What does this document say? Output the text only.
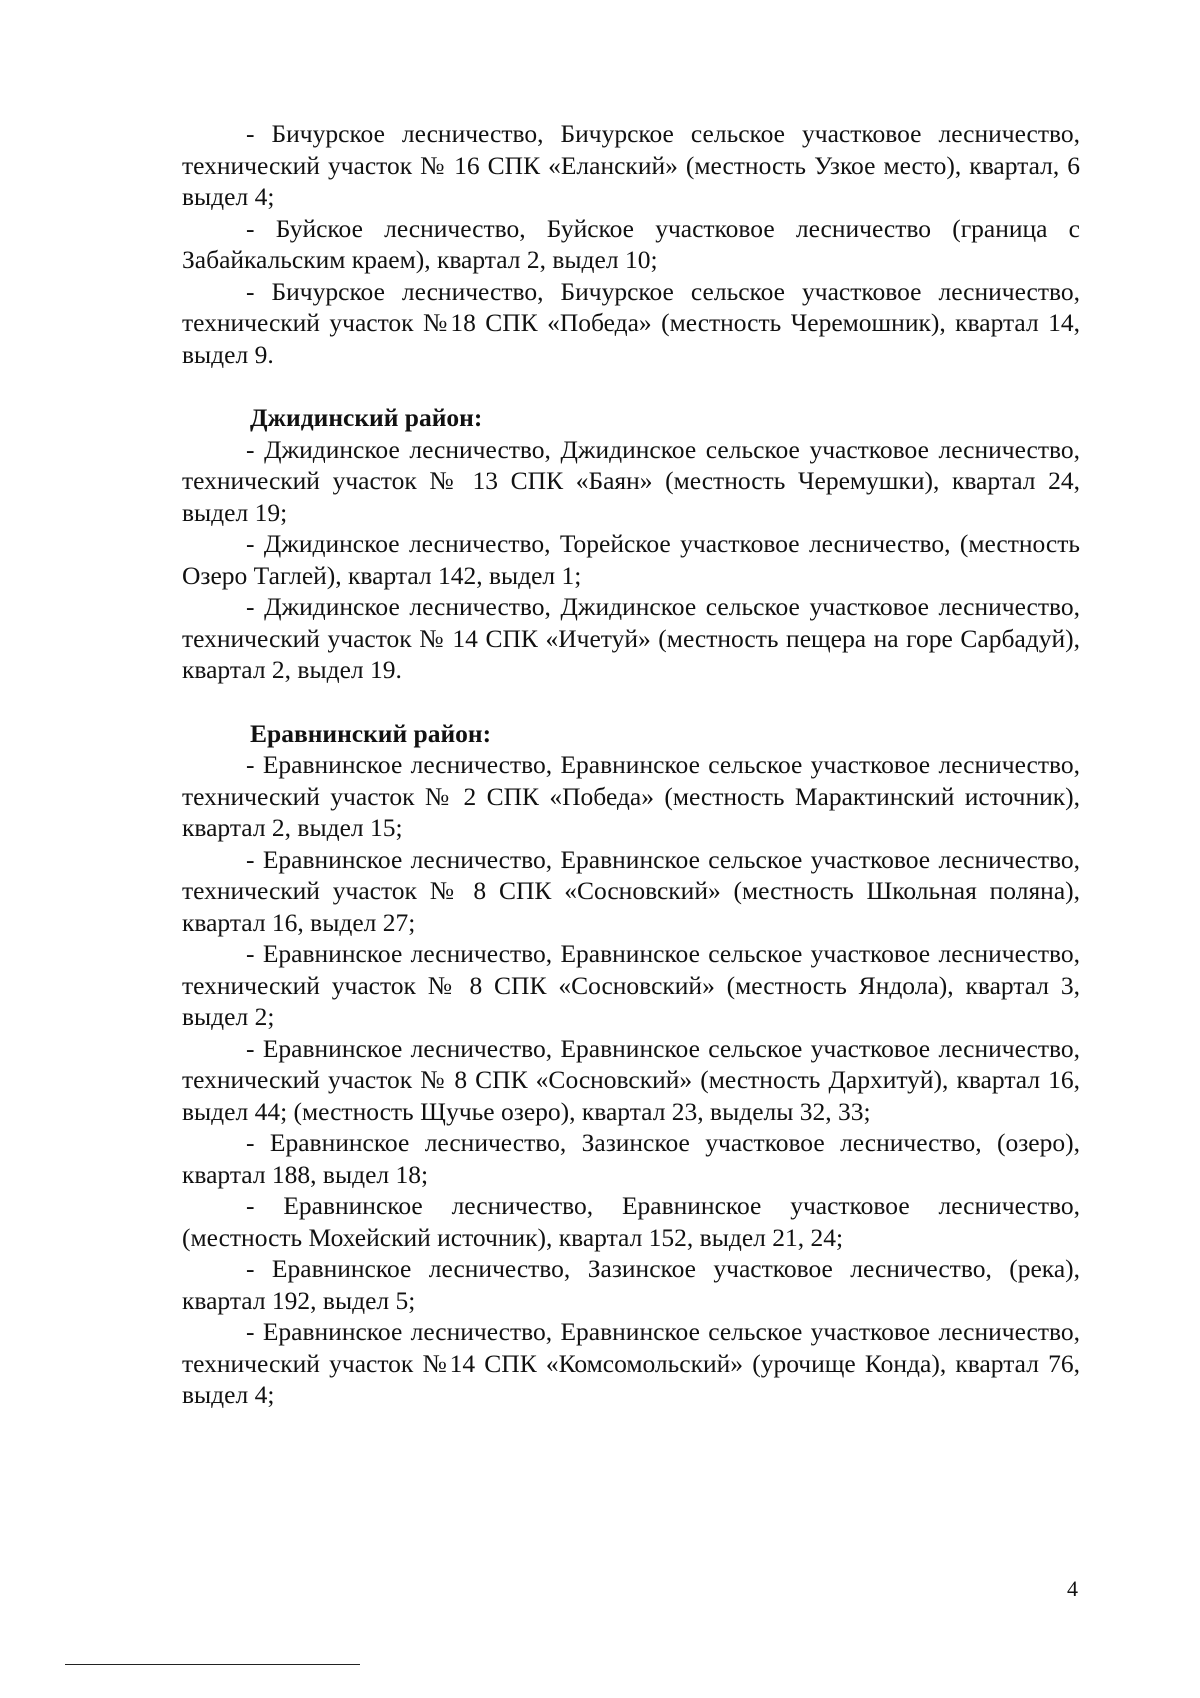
- Бичурское лесничество, Бичурское сельское участковое лесничество, технический участок № 16 СПК «Еланский» (местность Узкое место), квартал, 6 выдел 4;

- Буйское лесничество, Буйское участковое лесничество (граница с Забайкальским краем), квартал 2, выдел 10;

- Бичурское лесничество, Бичурское сельское участковое лесничество, технический участок №18 СПК «Победа» (местность Черемошник), квартал 14, выдел 9.

Джидинский район:

- Джидинское лесничество, Джидинское сельское участковое лесничество, технический участок № 13 СПК «Баян» (местность Черемушки), квартал 24, выдел 19;

- Джидинское лесничество, Торейское участковое лесничество, (местность Озеро Таглей), квартал 142, выдел 1;

- Джидинское лесничество, Джидинское сельское участковое лесничество, технический участок № 14 СПК «Ичетуй» (местность пещера на горе Сарбадуй), квартал 2, выдел 19.

Еравнинский район:

- Еравнинское лесничество, Еравнинское сельское участковое лесничество, технический участок № 2 СПК «Победа» (местность Марактинский источник), квартал 2, выдел 15;

- Еравнинское лесничество, Еравнинское сельское участковое лесничество, технический участок № 8 СПК «Сосновский» (местность Школьная поляна), квартал 16, выдел 27;

- Еравнинское лесничество, Еравнинское сельское участковое лесничество, технический участок № 8 СПК «Сосновский» (местность Яндола), квартал 3, выдел 2;

- Еравнинское лесничество, Еравнинское сельское участковое лесничество, технический участок № 8 СПК «Сосновский» (местность Дархитуй), квартал 16, выдел 44; (местность Щучье озеро), квартал 23, выделы 32, 33;

- Еравнинское лесничество, Зазинское участковое лесничество, (озеро), квартал 188, выдел 18;

- Еравнинское лесничество, Еравнинское участковое лесничество, (местность Мохейский источник), квартал 152, выдел 21, 24;

- Еравнинское лесничество, Зазинское участковое лесничество, (река), квартал 192, выдел 5;

- Еравнинское лесничество, Еравнинское сельское участковое лесничество, технический участок №14 СПК «Комсомольский» (урочище Конда), квартал 76, выдел 4;

4
